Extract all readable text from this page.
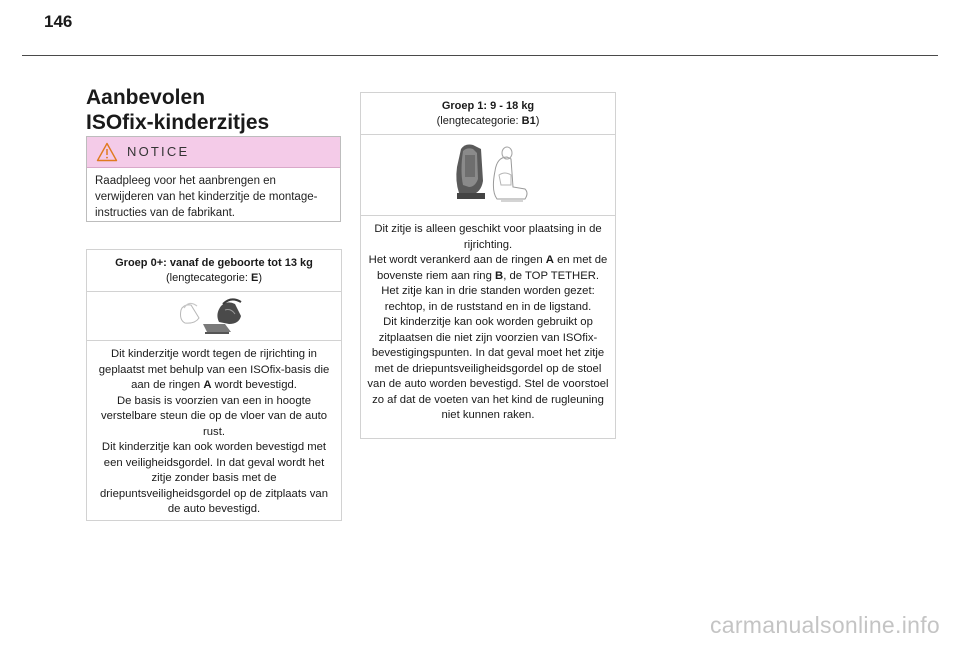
146
Aanbevolen
ISOfix-kinderzitjes
NOTICE
Raadpleeg voor het aanbrengen en verwijderen van het kinderzitje de montage-instructies van de fabrikant.
Groep 0+: vanaf de geboorte tot 13 kg
(lengtecategorie: E)
Dit kinderzitje wordt tegen de rijrichting in geplaatst met behulp van een ISOfix-basis die aan de ringen A wordt bevestigd.
De basis is voorzien van een in hoogte verstelbare steun die op de vloer van de auto rust.
Dit kinderzitje kan ook worden bevestigd met een veiligheidsgordel. In dat geval wordt het zitje zonder basis met de driepuntsveiligheidsgordel op de zitplaats van de auto bevestigd.
Groep 1: 9 - 18 kg
(lengtecategorie: B1)
Dit zitje is alleen geschikt voor plaatsing in de rijrichting.
Het wordt verankerd aan de ringen A en met de bovenste riem aan ring B, de TOP TETHER.
Het zitje kan in drie standen worden gezet: rechtop, in de ruststand en in de ligstand.
Dit kinderzitje kan ook worden gebruikt op zitplaatsen die niet zijn voorzien van ISOfix-bevestigingspunten. In dat geval moet het zitje met de driepuntsveiligheidsgordel op de stoel van de auto worden bevestigd. Stel de voorstoel zo af dat de voeten van het kind de rugleuning niet kunnen raken.
carmanualsonline.info
